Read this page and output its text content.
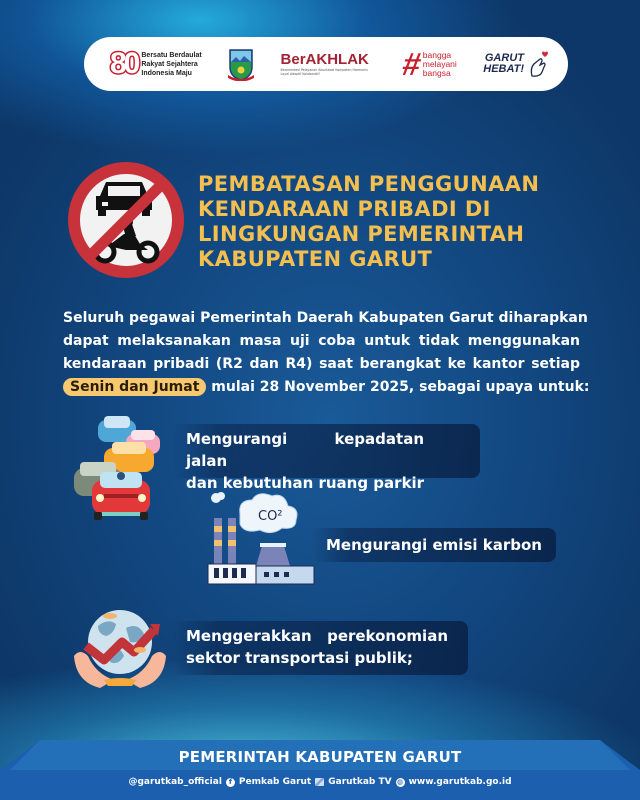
80 Bersatu Berdaulat
Rakyat Sejahtera
Indonesia Maju
BerAKHLAK
Berorientasi Pelayanan Akuntabel Kompeten Harmonis Loyal Adaptif Kolaboratif	#
bangga
melayani
bangsa
GARUT
HEBAT!
PEMBATASAN PENGGUNAAN
KENDARAAN PRIBADI DI
LINGKUNGAN PEMERINTAH
KABUPATEN GARUT
Seluruh pegawai Pemerintah Daerah Kabupaten Garut diharapkan
dapat melaksanakan masa uji coba untuk tidak menggunakan
kendaraan pribadi (R2 dan R4) saat berangkat ke kantor setiap
Senin dan Jumat mulai 28 November 2025, sebagai upaya untuk:
Mengurangi kepadatan jalan
dan kebutuhan ruang parkir
CO²
Mengurangi emisi karbon
Menggerakkan perekonomian
sektor transportasi publik;
PEMERINTAH KABUPATEN GARUT
@garutkab_official f Pemkab Garut Garutkab TV ◍ www.garutkab.go.id
